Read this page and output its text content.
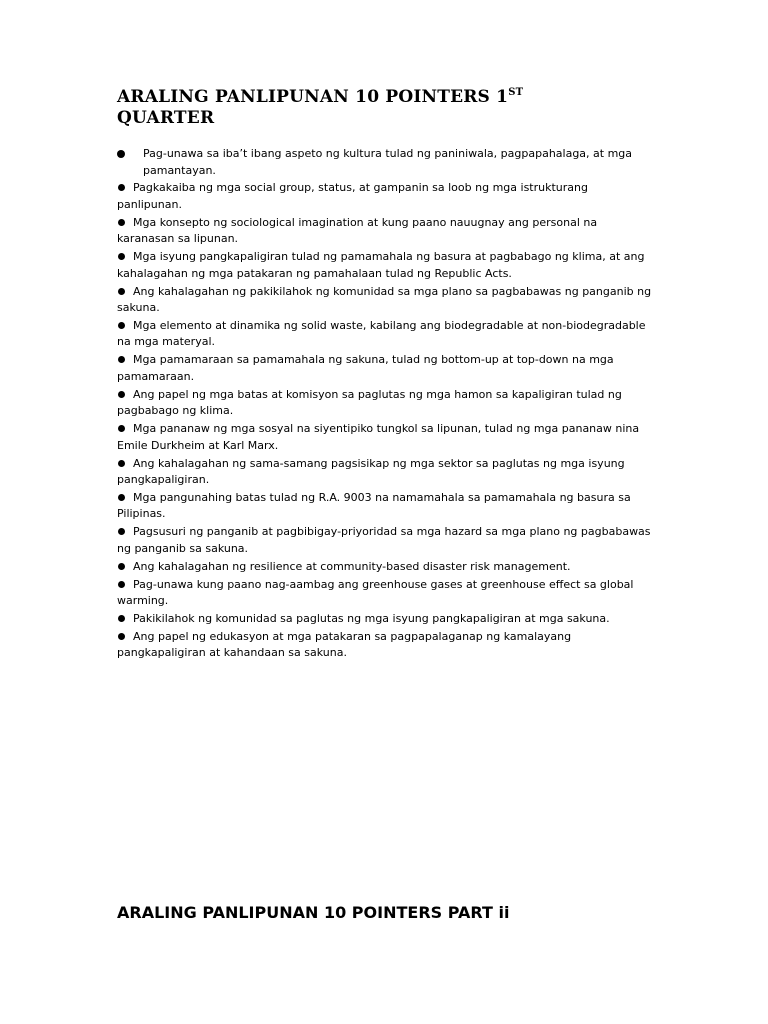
ARALING PANLIPUNAN 10 POINTERS 1ST
QUARTER
Pag-unawa sa iba’t ibang aspeto ng kultura tulad ng paniniwala, pagpapahalaga, at mga pamantayan.
Pagkakaiba ng mga social group, status, at gampanin sa loob ng mga istrukturang panlipunan.
Mga konsepto ng sociological imagination at kung paano nauugnay ang personal na karanasan sa lipunan.
Mga isyung pangkapaligiran tulad ng pamamahala ng basura at pagbabago ng klima, at ang kahalagahan ng mga patakaran ng pamahalaan tulad ng Republic Acts.
Ang kahalagahan ng pakikilahok ng komunidad sa mga plano sa pagbabawas ng panganib ng sakuna.
Mga elemento at dinamika ng solid waste, kabilang ang biodegradable at non-biodegradable na mga materyal.
Mga pamamaraan sa pamamahala ng sakuna, tulad ng bottom-up at top-down na mga pamamaraan.
Ang papel ng mga batas at komisyon sa paglutas ng mga hamon sa kapaligiran tulad ng pagbabago ng klima.
Mga pananaw ng mga sosyal na siyentipiko tungkol sa lipunan, tulad ng mga pananaw nina Emile Durkheim at Karl Marx.
Ang kahalagahan ng sama-samang pagsisikap ng mga sektor sa paglutas ng mga isyung pangkapaligiran.
Mga pangunahing batas tulad ng R.A. 9003 na namamahala sa pamamahala ng basura sa Pilipinas.
Pagsusuri ng panganib at pagbibigay-priyoridad sa mga hazard sa mga plano ng pagbabawas ng panganib sa sakuna.
Ang kahalagahan ng resilience at community-based disaster risk management.
Pag-unawa kung paano nag-aambag ang greenhouse gases at greenhouse effect sa global warming.
Pakikilahok ng komunidad sa paglutas ng mga isyung pangkapaligiran at mga sakuna.
Ang papel ng edukasyon at mga patakaran sa pagpapalaganap ng kamalayang pangkapaligiran at kahandaan sa sakuna.
ARALING PANLIPUNAN 10 POINTERS PART ii
